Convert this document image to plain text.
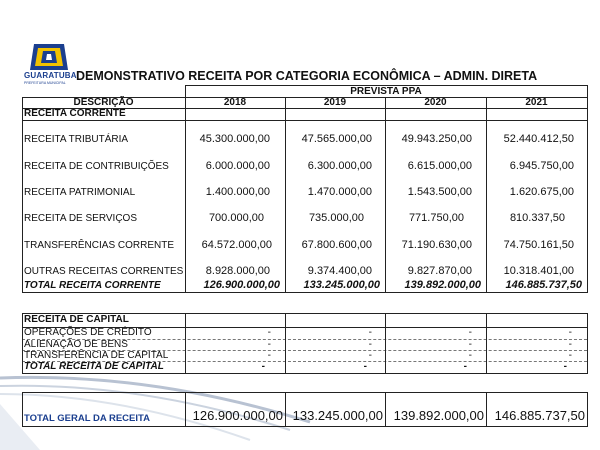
GUARATUBA
PREFEITURA MUNICIPAL DEMONSTRATIVO RECEITA POR CATEGORIA ECONÔMICA – ADMIN. DIRETA
PREVISTA PPA
DESCRIÇÃO	2018	2019	2020	2021
RECEITA CORRENTE
RECEITA TRIBUTÁRIA	45.300.000,00	47.565.000,00	49.943.250,00	52.440.412,50
RECEITA DE CONTRIBUIÇÕES	6.000.000,00	6.300.000,00	6.615.000,00	6.945.750,00
RECEITA PATRIMONIAL	1.400.000,00	1.470.000,00	1.543.500,00	1.620.675,00
RECEITA DE SERVIÇOS	700.000,00	735.000,00	771.750,00	810.337,50
TRANSFERÊNCIAS CORRENTE	64.572.000,00	67.800.600,00	71.190.630,00	74.750.161,50
OUTRAS RECEITAS CORRENTES	8.928.000,00	9.374.400,00	9.827.870,00	10.318.401,00
TOTAL RECEITA CORRENTE	126.900.000,00	133.245.000,00	139.892.000,00	146.885.737,50
RECEITA DE CAPITAL
OPERAÇÕES DE CRÉDITO	-	-	-	-
ALIENAÇÃO DE BENS	-	-	-	-
TRANSFERÊNCIA DE CAPITAL	-	-	-	-
TOTAL RECEITA DE CAPITAL	-	-	-	-
TOTAL GERAL DA RECEITA	126.900.000,00 133.245.000,00 139.892.000,00 146.885.737,50
